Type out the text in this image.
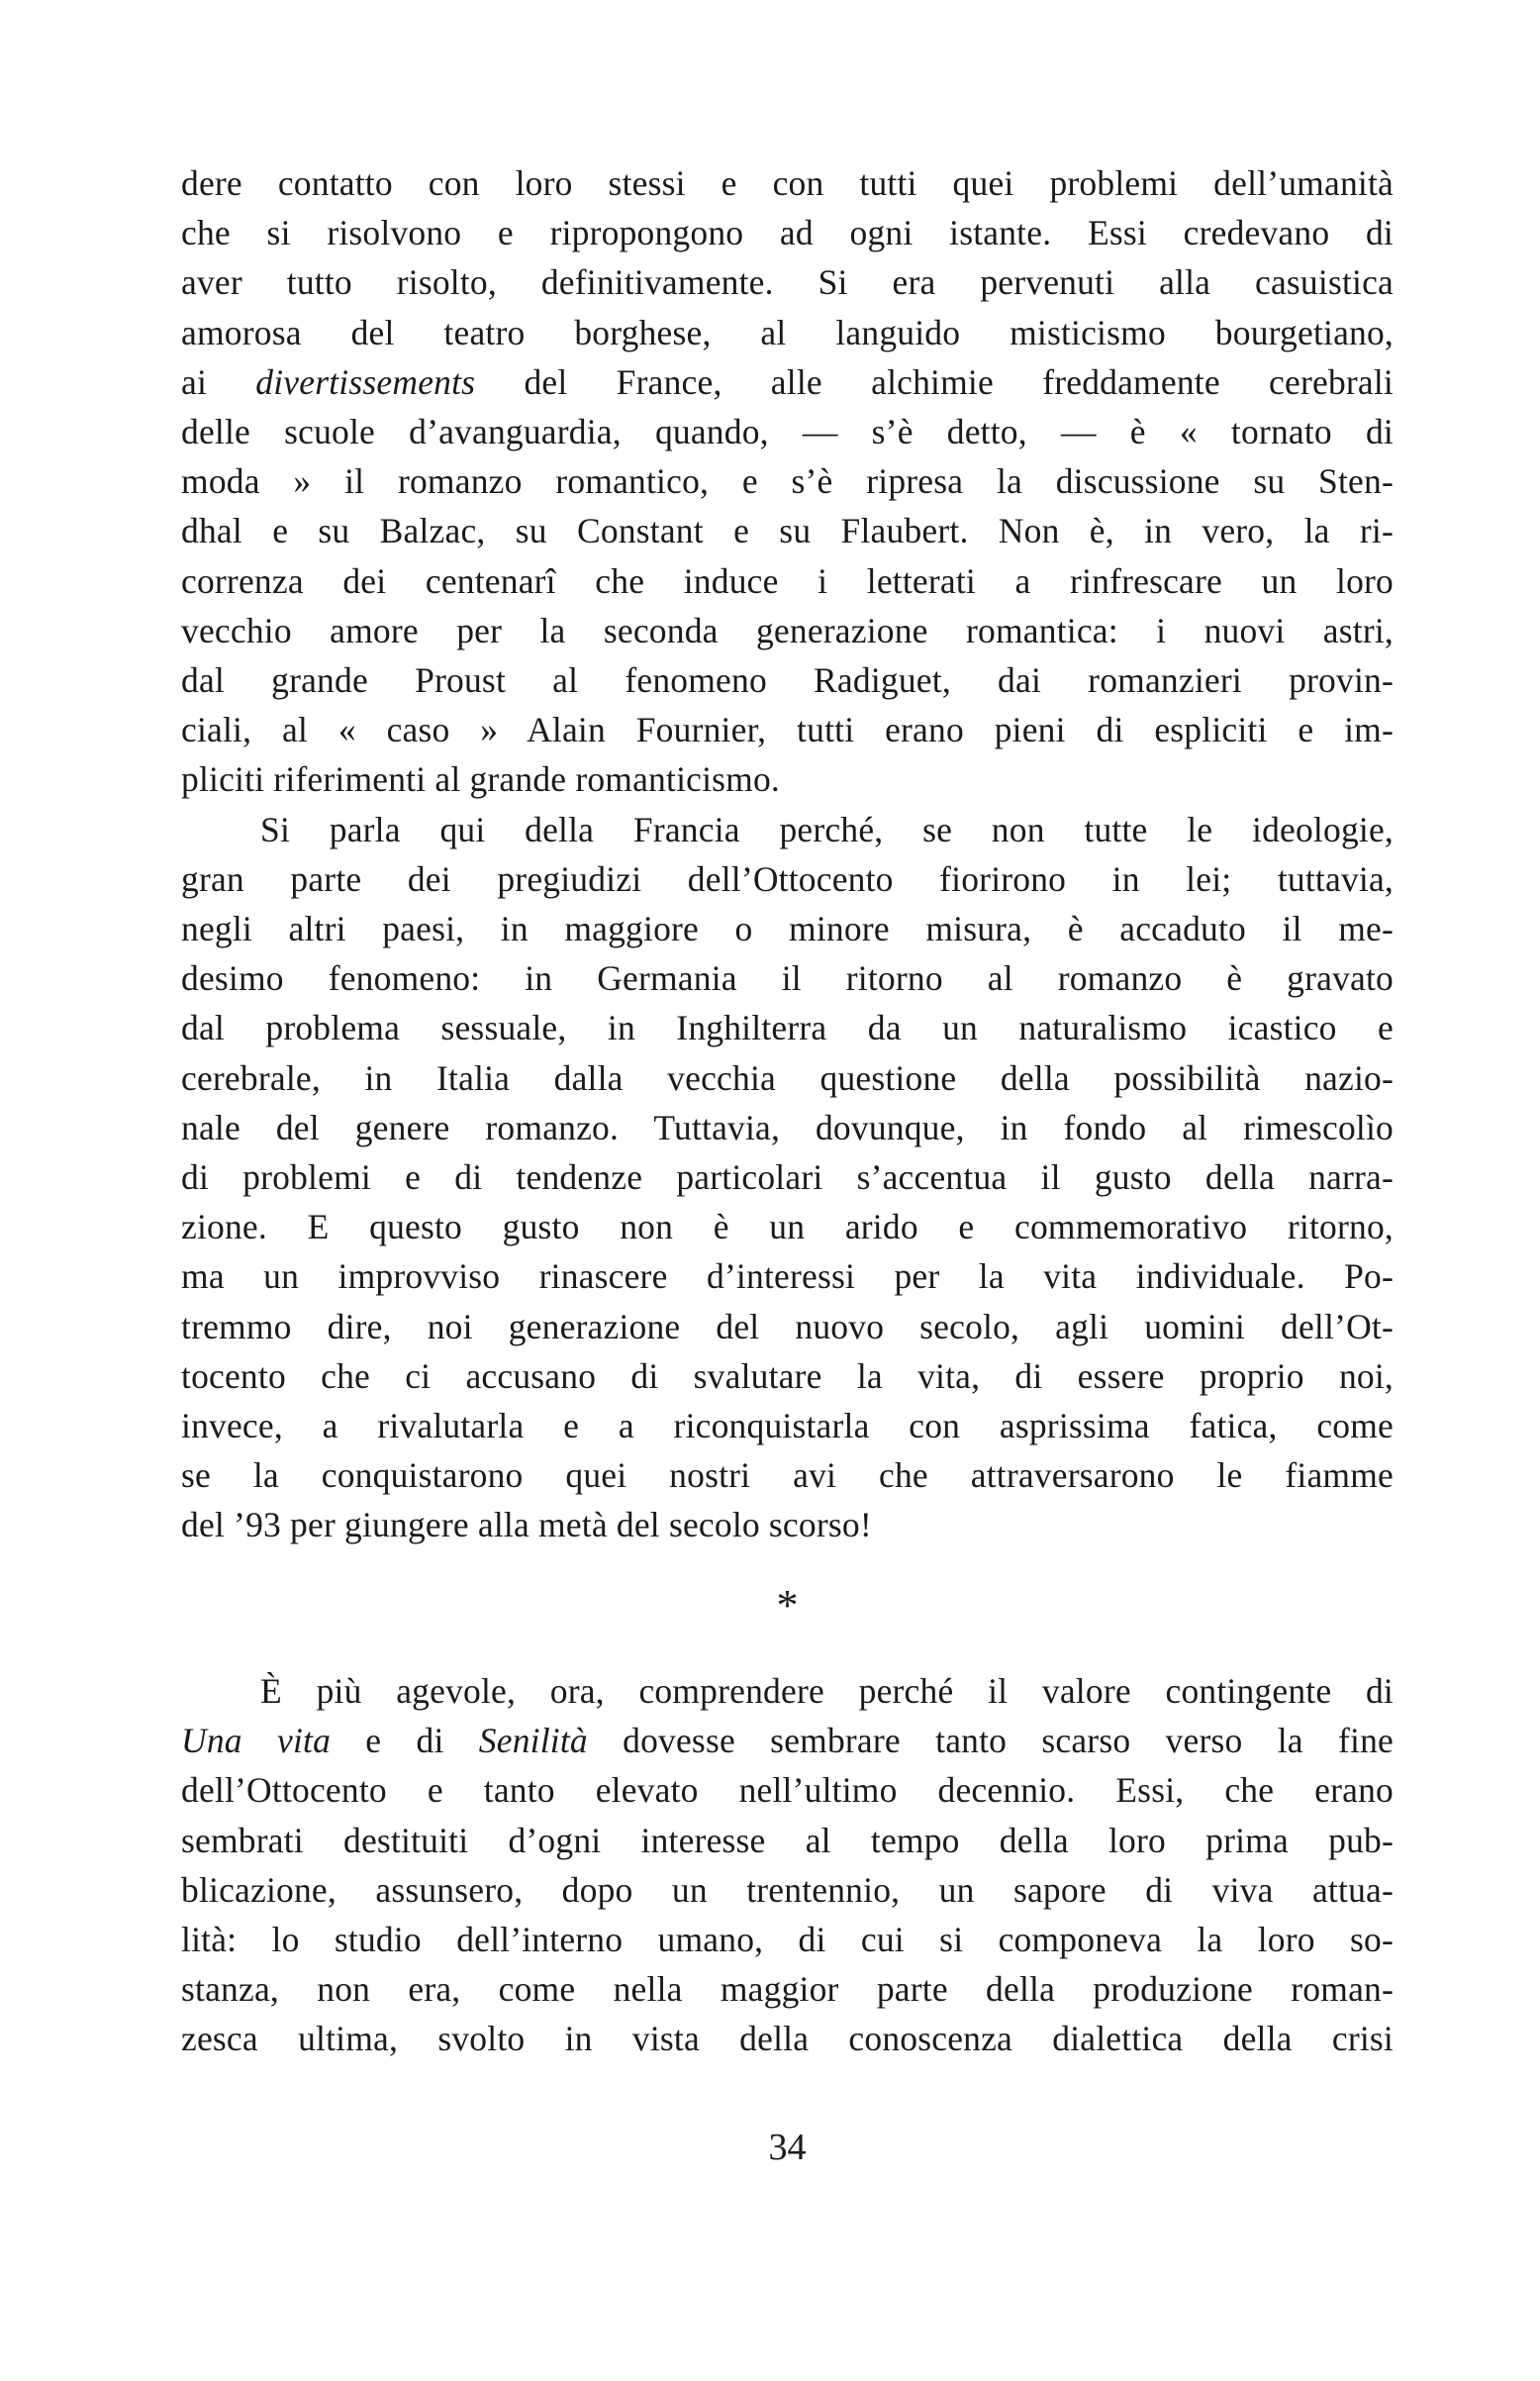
dere contatto con loro stessi e con tutti quei problemi dell’umanità
che si risolvono e ripropongono ad ogni istante. Essi credevano di
aver tutto risolto, definitivamente. Si era pervenuti alla casuistica
amorosa del teatro borghese, al languido misticismo bourgetiano,
ai divertissements del France, alle alchimie freddamente cerebrali
delle scuole d’avanguardia, quando, — s’è detto, — è « tornato di
moda » il romanzo romantico, e s’è ripresa la discussione su Sten-
dhal e su Balzac, su Constant e su Flaubert. Non è, in vero, la ri-
correnza dei centenarî che induce i letterati a rinfrescare un loro
vecchio amore per la seconda generazione romantica: i nuovi astri,
dal grande Proust al fenomeno Radiguet, dai romanzieri provin-
ciali, al « caso » Alain Fournier, tutti erano pieni di espliciti e im-
pliciti riferimenti al grande romanticismo.
Si parla qui della Francia perché, se non tutte le ideologie,
gran parte dei pregiudizi dell’Ottocento fiorirono in lei; tuttavia,
negli altri paesi, in maggiore o minore misura, è accaduto il me-
desimo fenomeno: in Germania il ritorno al romanzo è gravato
dal problema sessuale, in Inghilterra da un naturalismo icastico e
cerebrale, in Italia dalla vecchia questione della possibilità nazio-
nale del genere romanzo. Tuttavia, dovunque, in fondo al rimescolìo
di problemi e di tendenze particolari s’accentua il gusto della narra-
zione. E questo gusto non è un arido e commemorativo ritorno,
ma un improvviso rinascere d’interessi per la vita individuale. Po-
tremmo dire, noi generazione del nuovo secolo, agli uomini dell’Ot-
tocento che ci accusano di svalutare la vita, di essere proprio noi,
invece, a rivalutarla e a riconquistarla con asprissima fatica, come
se la conquistarono quei nostri avi che attraversarono le fiamme
del ’93 per giungere alla metà del secolo scorso!
*
È più agevole, ora, comprendere perché il valore contingente di
Una vita e di Senilità dovesse sembrare tanto scarso verso la fine
dell’Ottocento e tanto elevato nell’ultimo decennio. Essi, che erano
sembrati destituiti d’ogni interesse al tempo della loro prima pub-
blicazione, assunsero, dopo un trentennio, un sapore di viva attua-
lità: lo studio dell’interno umano, di cui si componeva la loro so-
stanza, non era, come nella maggior parte della produzione roman-
zesca ultima, svolto in vista della conoscenza dialettica della crisi
34
